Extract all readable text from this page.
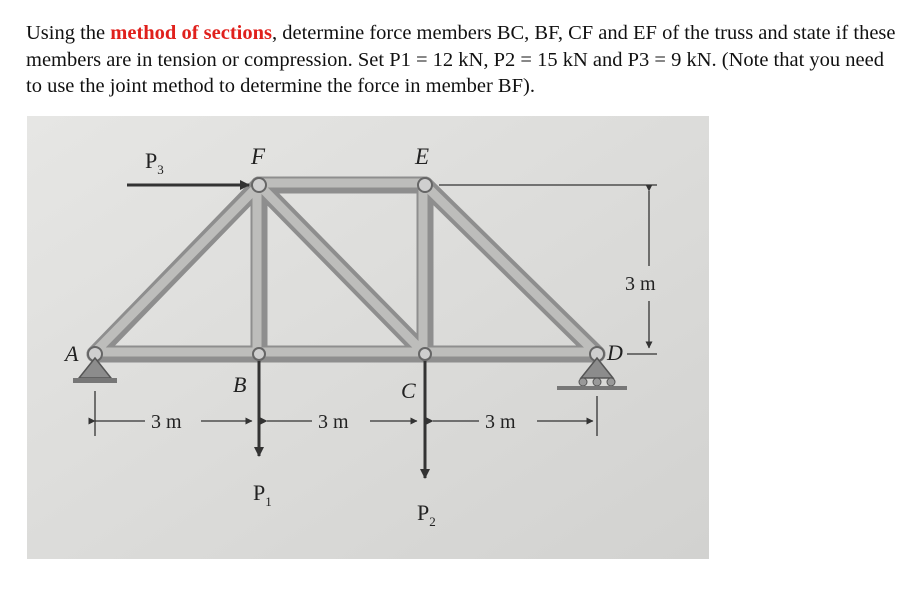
Using the method of sections, determine force members BC, BF, CF and EF of the truss and state if these members are in tension or compression. Set P1 = 12 kN, P2 = 15 kN and P3 = 9 kN. (Note that you need to use the joint method to determine the force in member BF).
$P_3$
$P_1$	$P_2$
F	E
A
B	C
D
3 m	3 m	3 m
3 m
